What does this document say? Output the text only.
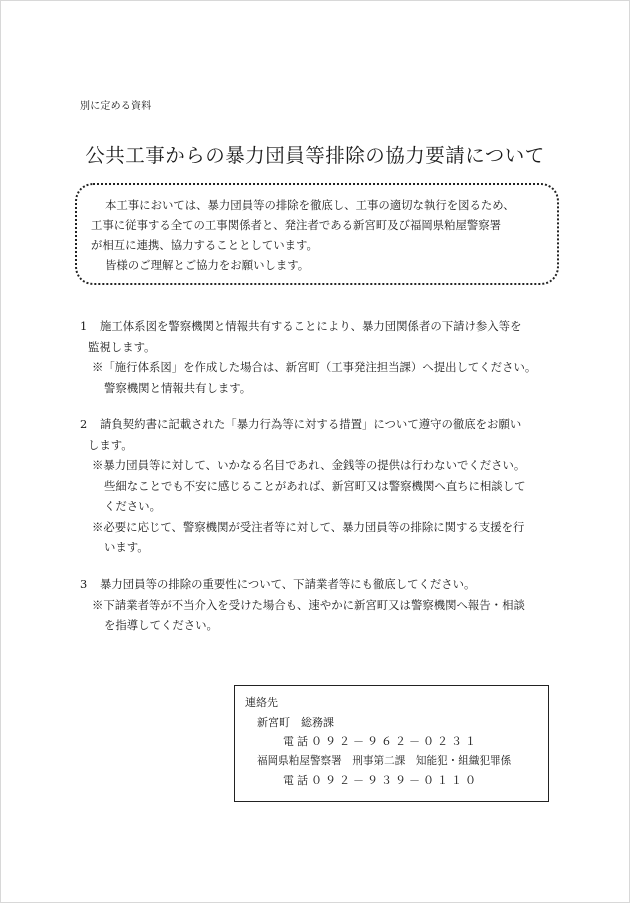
別に定める資料
公共工事からの暴力団員等排除の協力要請について

本工事においては、暴力団員等の排除を徹底し、工事の適切な執行を図るため、

工事に従事する全ての工事関係者と、発注者である新宮町及び福岡県粕屋警察署

が相互に連携、協力することとしています。

皆様のご理解とご協力をお願いします。

1 施工体系図を警察機関と情報共有することにより、暴力団関係者の下請け参入等を

監視します。

※「施行体系図」を作成した場合は、新宮町（工事発注担当課）へ提出してください。

警察機関と情報共有します。

2 請負契約書に記載された「暴力行為等に対する措置」について遵守の徹底をお願い

します。

※暴力団員等に対して、いかなる名目であれ、金銭等の提供は行わないでください。

些細なことでも不安に感じることがあれば、新宮町又は警察機関へ直ちに相談して

ください。

※必要に応じて、警察機関が受注者等に対して、暴力団員等の排除に関する支援を行

います。

3 暴力団員等の排除の重要性について、下請業者等にも徹底してください。

※下請業者等が不当介入を受けた場合も、速やかに新宮町又は警察機関へ報告・相談

を指導してください。

連絡先

新宮町　総務課

電話０９２－９６２－０２３１

福岡県粕屋警察署　刑事第二課　知能犯・組織犯罪係

電話０９２－９３９－０１１０
